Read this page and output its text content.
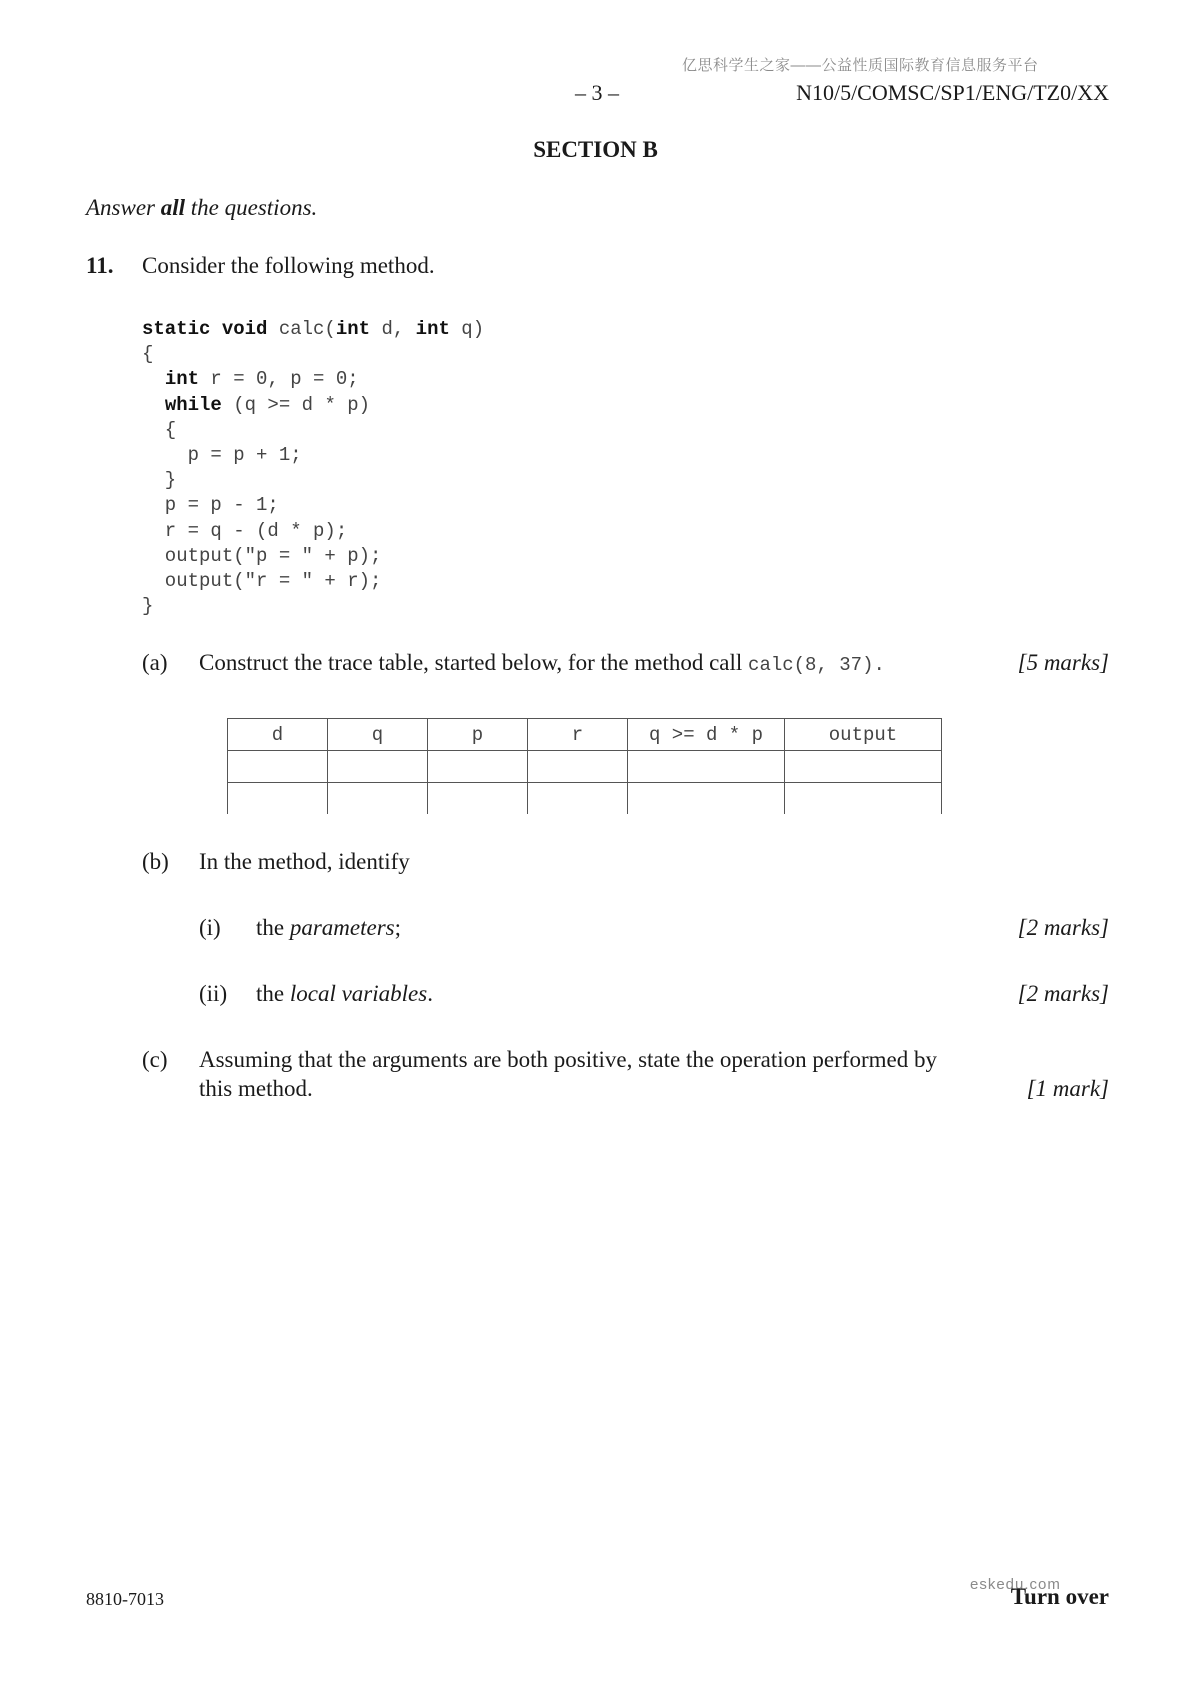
亿思科学生之家——公益性质国际教育信息服务平台
– 3 –	N10/5/COMSC/SP1/ENG/TZ0/XX
SECTION B
Answer all the questions.
11. Consider the following method.
static void calc(int d, int q)
{
int r = 0, p = 0;
while (q >= d * p)
{
p = p + 1;
}
p = p - 1;
r = q - (d * p);
output("p = " + p);
output("r = " + r);
}
(a) Construct the trace table, started below, for the method call calc(8, 37).	[5 marks]
d	q	p	r	q >= d * p	output

(b) In the method, identify
(i) the parameters;	[2 marks]
(ii) the local variables.	[2 marks]
(c) Assuming that the arguments are both positive, state the operation performed by
this method.	[1 mark]
8810-7013
eskedu.com
Turn over
